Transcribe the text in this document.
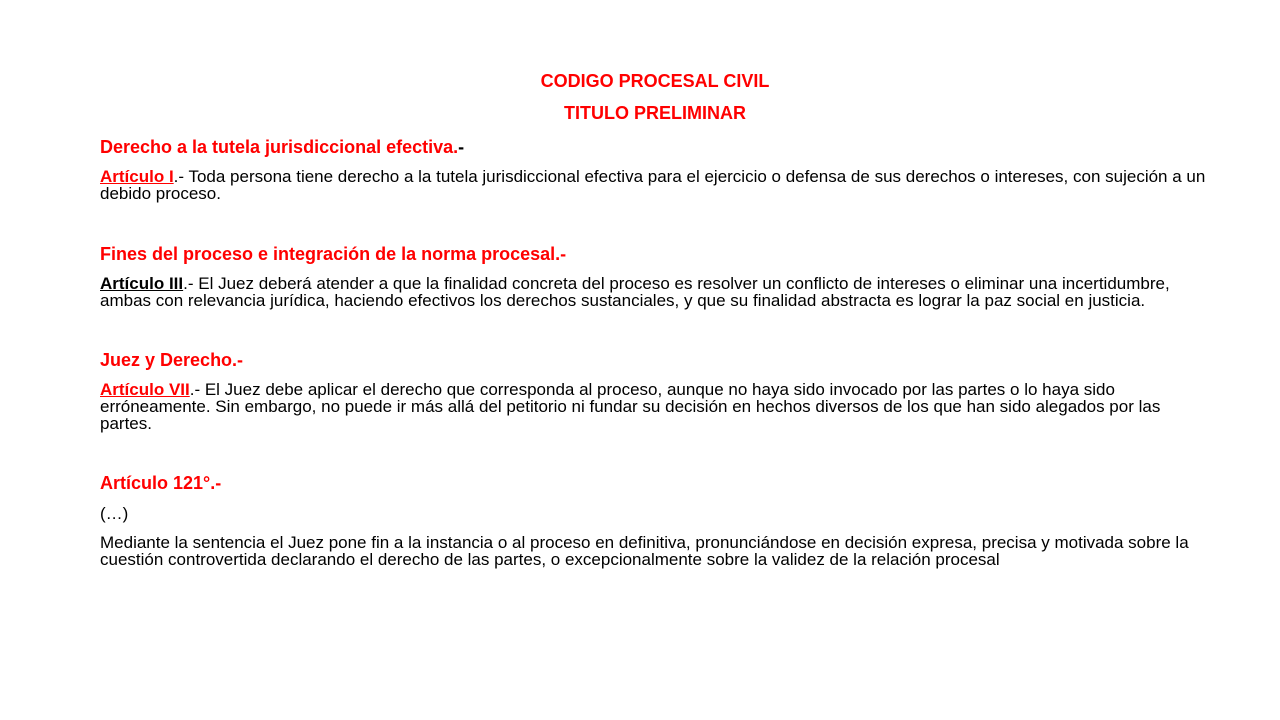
CODIGO PROCESAL CIVIL

TITULO PRELIMINAR

Derecho a la tutela jurisdiccional efectiva.-

Artículo I.- Toda persona tiene derecho a la tutela jurisdiccional efectiva para el ejercicio o defensa de sus derechos o intereses, con sujeción a un debido proceso.

Fines del proceso e integración de la norma procesal.-

Artículo III.- El Juez deberá atender a que la finalidad concreta del proceso es resolver un conflicto de intereses o eliminar una incertidumbre, ambas con relevancia jurídica, haciendo efectivos los derechos sustanciales, y que su finalidad abstracta es lograr la paz social en justicia.

Juez y Derecho.-

Artículo VII.- El Juez debe aplicar el derecho que corresponda al proceso, aunque no haya sido invocado por las partes o lo haya sido erróneamente. Sin embargo, no puede ir más allá del petitorio ni fundar su decisión en hechos diversos de los que han sido alegados por las partes.

Artículo 121°.-

(…)

Mediante la sentencia el Juez pone fin a la instancia o al proceso en definitiva, pronunciándose en decisión expresa, precisa y motivada sobre la cuestión controvertida declarando el derecho de las partes, o excepcionalmente sobre la validez de la relación procesal
